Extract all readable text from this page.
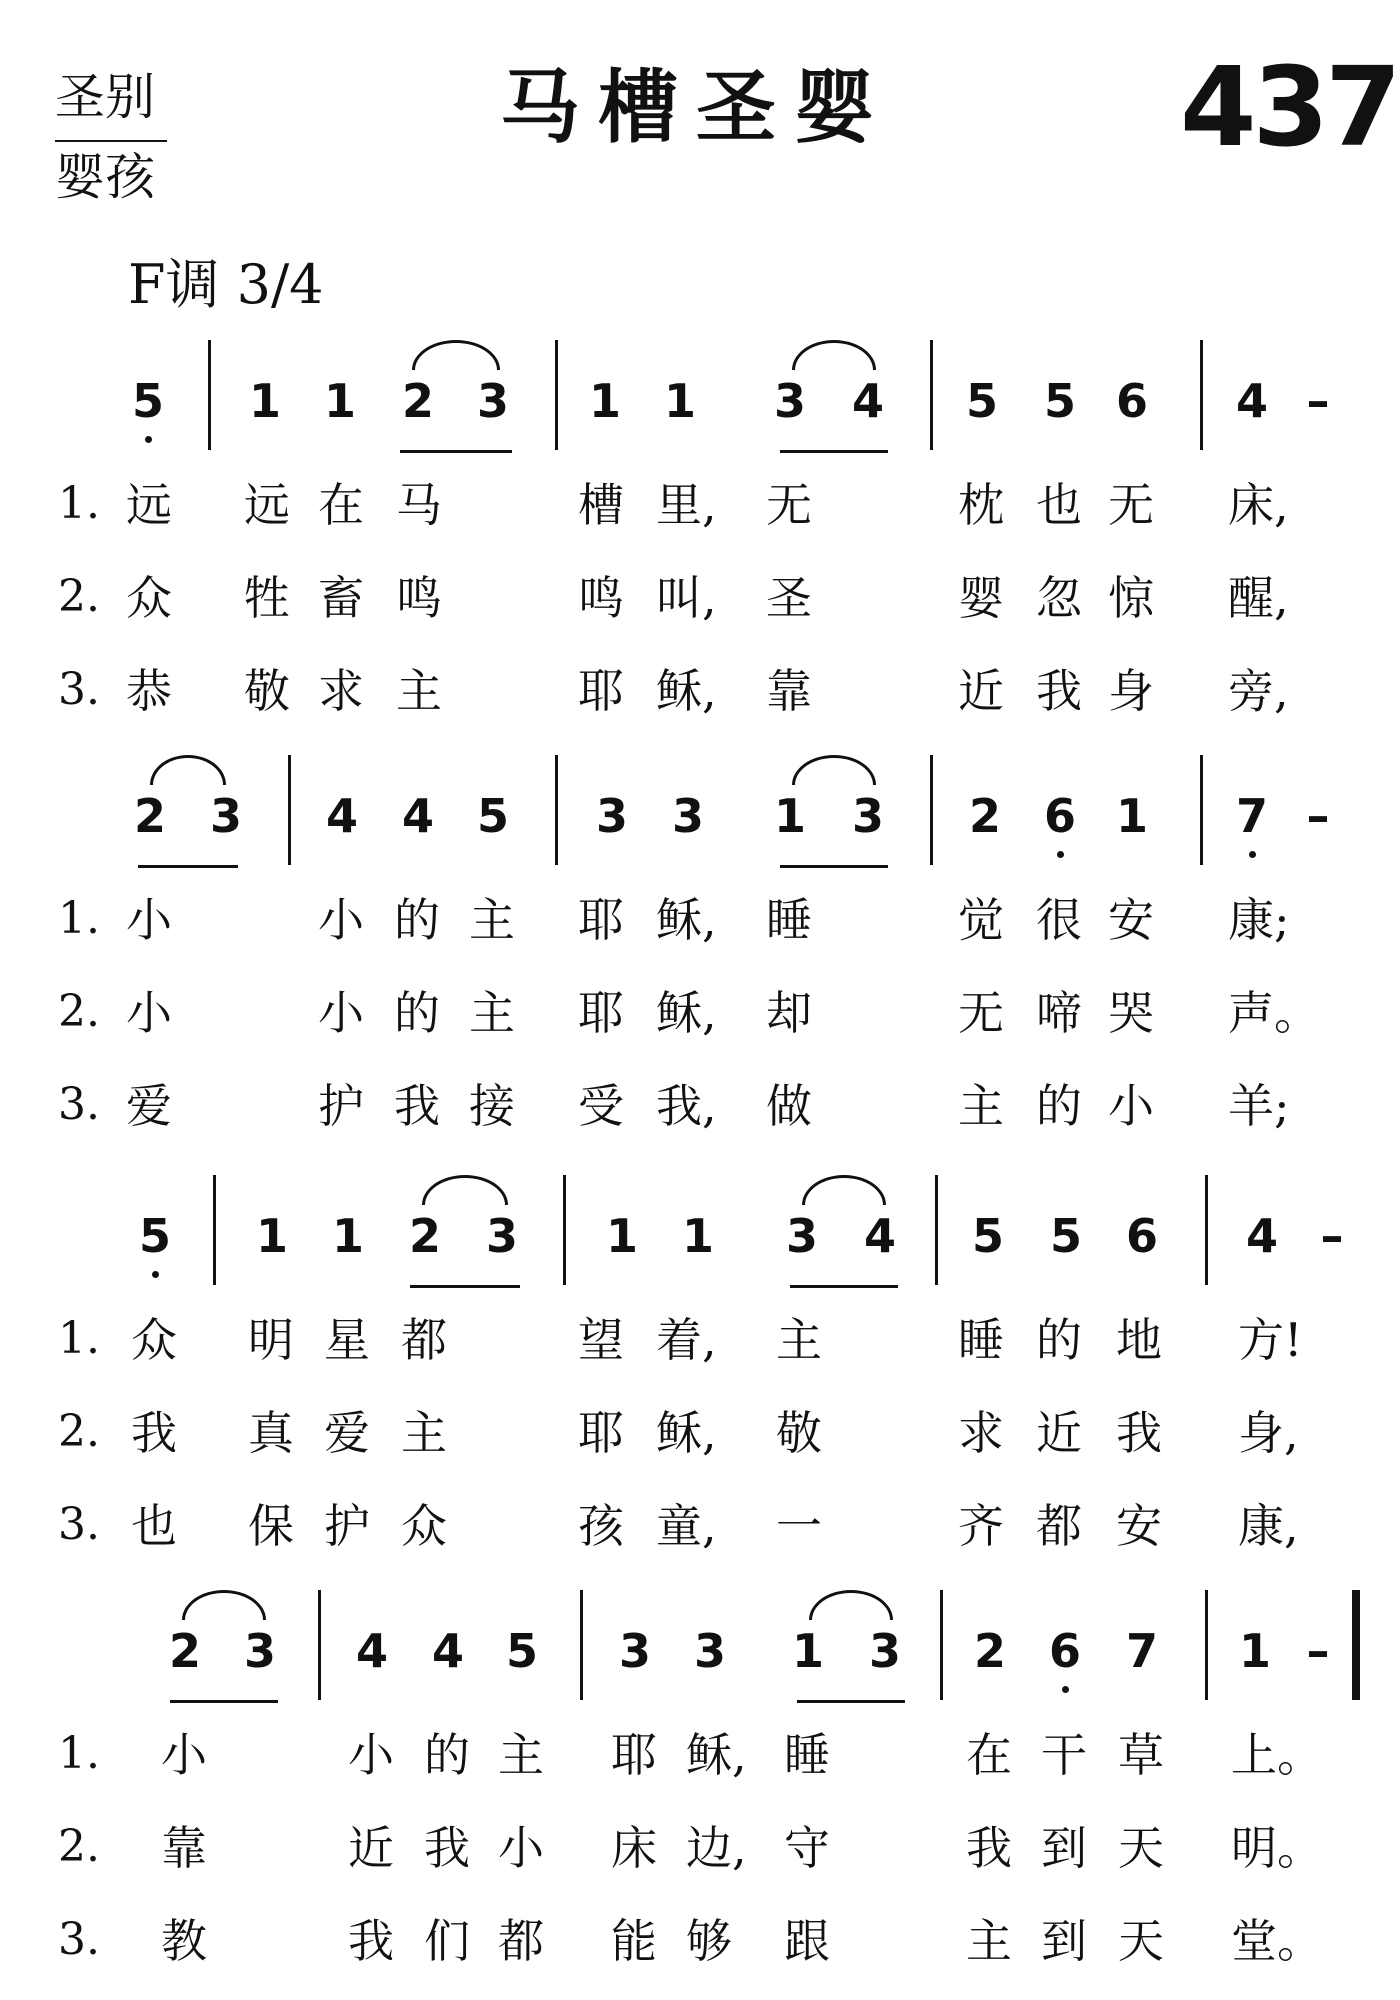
圣别
婴孩
马槽圣婴	437
F调 3/4
5	1 1 2 3	1 1	3 4	5 5 6	4 –
1. 远 远 在 马	槽 里, 无	枕 也 无 床,
2. 众 牲 畜 鸣	鸣 叫, 圣	婴 忽 惊 醒,
3. 恭 敬 求 主	耶 稣, 靠	近 我 身 旁,
2 3	4 4 5	3 3	1 3	2 6 1	7 –
1. 小	小 的 主 耶 稣, 睡	觉 很 安 康;
2. 小	小 的 主 耶 稣, 却	无 啼 哭 声。
3. 爱	护 我 接 受 我, 做	主 的 小 羊;
5	1 1 2 3	1 1	3 4	5 5 6	4 –
1. 众 明 星 都	望 着, 主	睡 的 地 方!
2. 我 真 爱 主	耶 稣, 敬	求 近 我 身,
3. 也 保 护 众	孩 童, 一	齐 都 安 康,
2 3	4 4 5	3 3	1 3	2 6 7	1 –
1. 小	小 的 主 耶 稣, 睡	在 干 草 上。
2. 靠	近 我 小 床 边, 守	我 到 天 明。
3. 教	我 们 都 能 够 跟	主 到 天 堂。
